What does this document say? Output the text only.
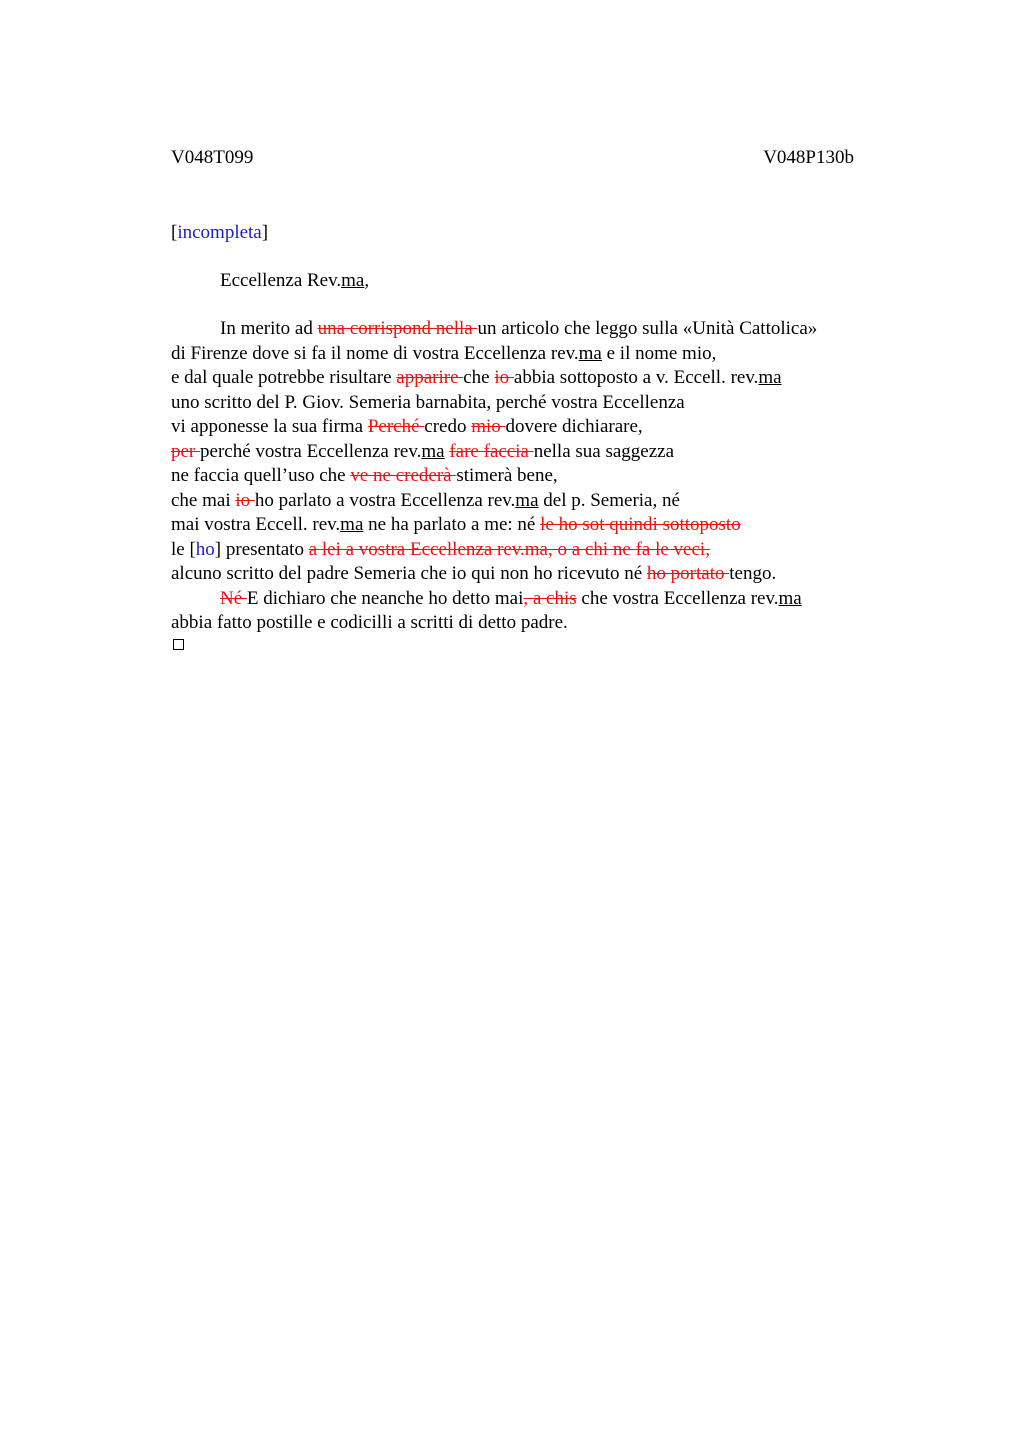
V048T099	V048P130b
[incompleta]
Eccellenza Rev.ma,
In merito ad una corrispond nella un articolo che leggo sulla «Unità Cattolica»
di Firenze dove si fa il nome di vostra Eccellenza rev.ma e il nome mio,
e dal quale potrebbe risultare apparire che io abbia sottoposto a v. Eccell. rev.ma
uno scritto del P. Giov. Semeria barnabita, perché vostra Eccellenza
vi apponesse la sua firma Perché credo mio dovere dichiarare,
per perché vostra Eccellenza rev.ma fare faccia nella sua saggezza
ne faccia quell’uso che ve ne crederà stimerà bene,
che mai io ho parlato a vostra Eccellenza rev.ma del p. Semeria, né
mai vostra Eccell. rev.ma ne ha parlato a me: né le ho sot quindi sottoposto
le [ho] presentato a lei a vostra Eccellenza rev.ma, o a chi ne fa le veci,
alcuno scritto del padre Semeria che io qui non ho ricevuto né ho portato tengo.
Né E dichiaro che neanche ho detto mai, a chis che vostra Eccellenza rev.ma
abbia fatto postille e codicilli a scritti di detto padre.
